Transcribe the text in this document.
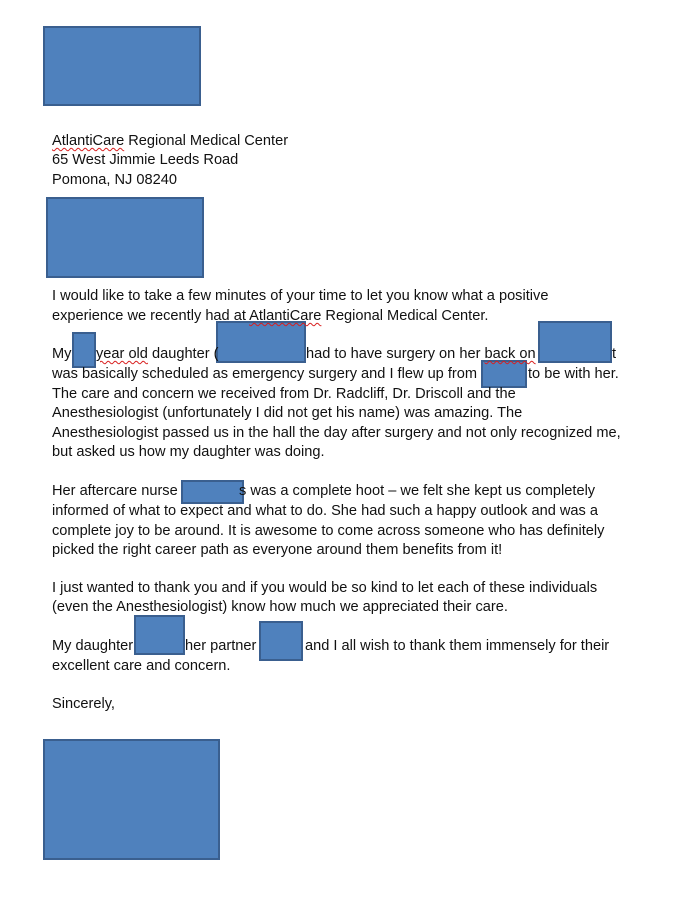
AtlantiCare Regional Medical Center
65 West Jimmie Leeds Road
Pomona, NJ 08240
I would like to take a few minutes of your time to let you know what a positive
experience we recently had at AtlantiCare Regional Medical Center.
My year old daughter (	had to have surgery on her back on	t
was basically scheduled as emergency surgery and I flew up from	to be with her.
The care and concern we received from Dr. Radcliff, Dr. Driscoll and the
Anesthesiologist (unfortunately I did not get his name) was amazing. The
Anesthesiologist passed us in the hall the day after surgery and not only recognized me,
but asked us how my daughter was doing.
Her aftercare nurse	s was a complete hoot – we felt she kept us completely
informed of what to expect and what to do. She had such a happy outlook and was a
complete joy to be around. It is awesome to come across someone who has definitely
picked the right career path as everyone around them benefits from it!
I just wanted to thank you and if you would be so kind to let each of these individuals
(even the Anesthesiologist) know how much we appreciated their care.
My daughter	her partner	and I all wish to thank them immensely for their
excellent care and concern.
Sincerely,
